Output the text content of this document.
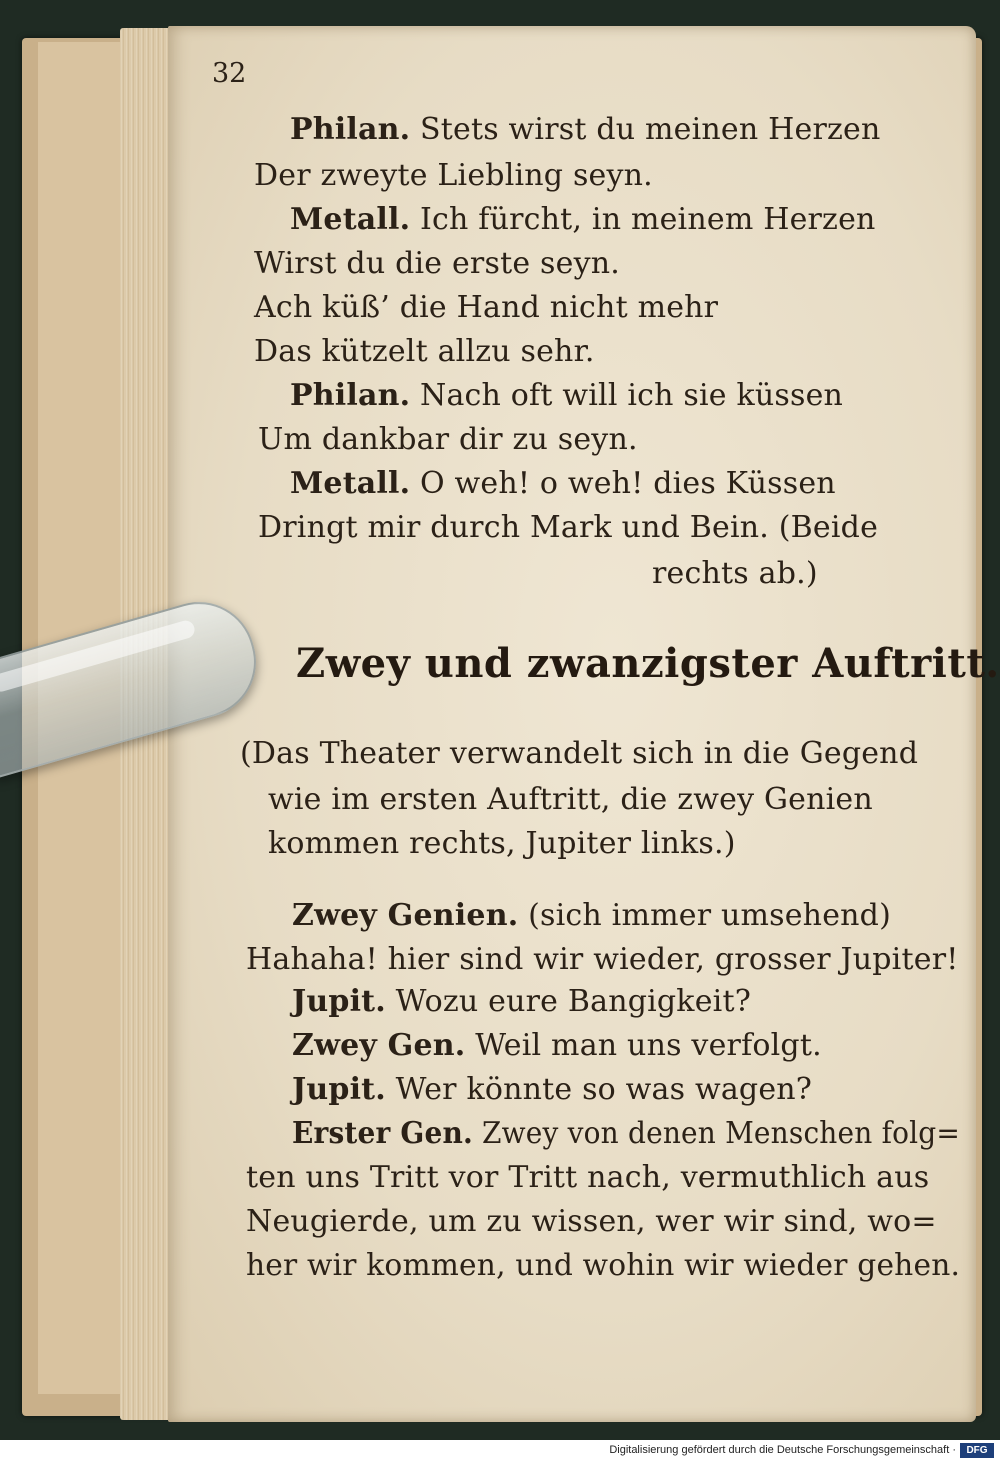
32
Philan. Stets wirst du meinen Herzen
Der zweyte Liebling seyn.
Metall. Ich fürcht, in meinem Herzen
Wirst du die erste seyn.
Ach küß’ die Hand nicht mehr
Das kützelt allzu sehr.
Philan. Nach oft will ich sie küssen
Um dankbar dir zu seyn.
Metall. O weh! o weh! dies Küssen
Dringt mir durch Mark und Bein. (Beide
rechts ab.)
Zwey und zwanzigster Auftritt.
(Das Theater verwandelt sich in die Gegend
wie im ersten Auftritt, die zwey Genien
kommen rechts, Jupiter links.)
Zwey Genien. (sich immer umsehend)
Hahaha! hier sind wir wieder, grosser Jupiter!
Jupit. Wozu eure Bangigkeit?
Zwey Gen. Weil man uns verfolgt.
Jupit. Wer könnte so was wagen?
Erster Gen. Zwey von denen Menschen folg=
ten uns Tritt vor Tritt nach, vermuthlich aus
Neugierde, um zu wissen, wer wir sind, wo=
her wir kommen, und wohin wir wieder gehen.
Digitalisierung gefördert durch die Deutsche Forschungsgemeinschaft ·	DFG
